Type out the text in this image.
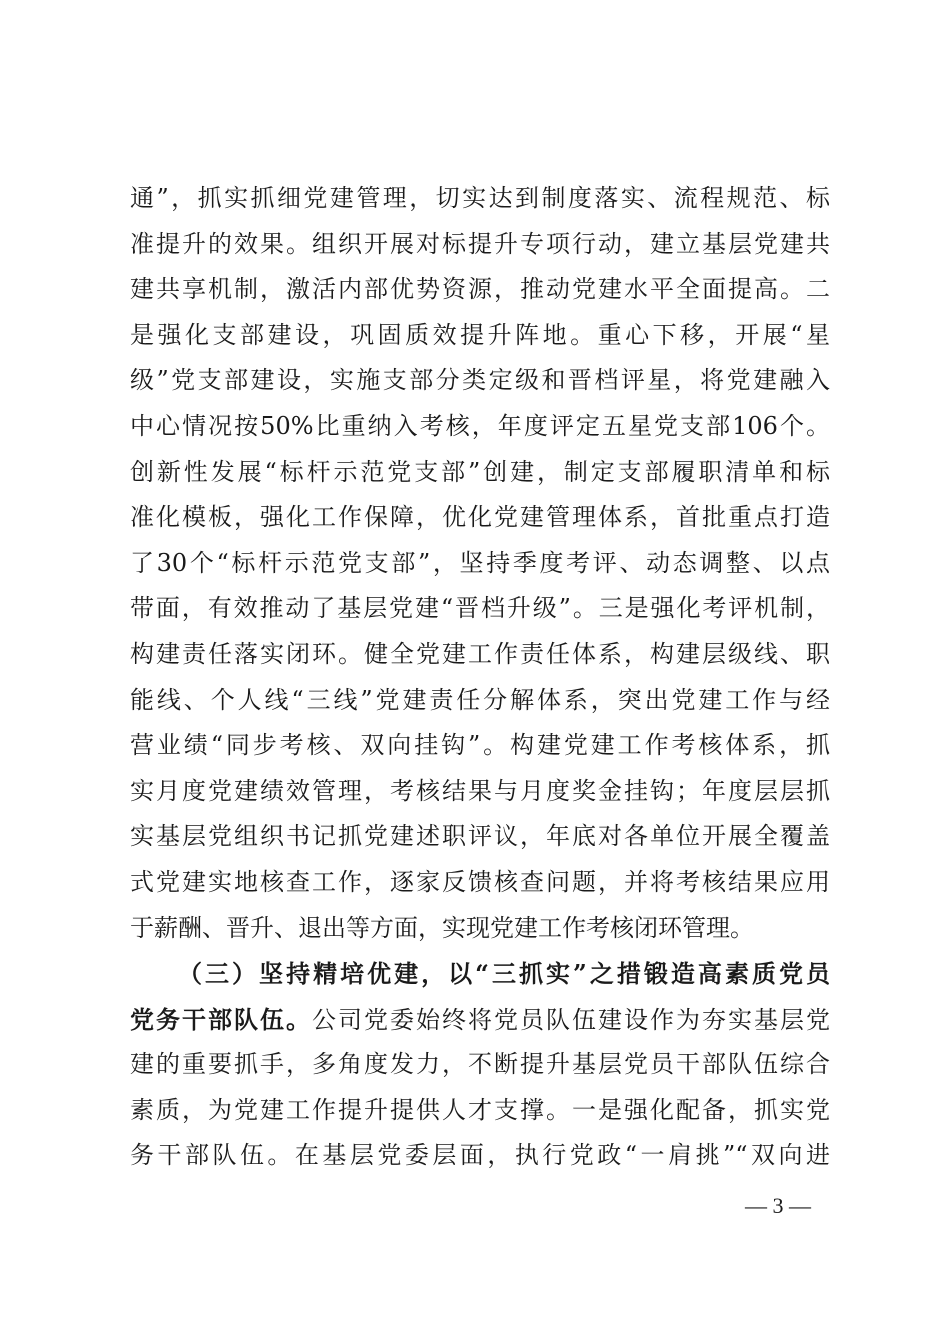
通”，抓实抓细党建管理，切实达到制度落实、流程规范、标
准提升的效果。组织开展对标提升专项行动，建立基层党建共
建共享机制，激活内部优势资源，推动党建水平全面提高。二
是强化支部建设，巩固质效提升阵地。重心下移，开展“星
级”党支部建设，实施支部分类定级和晋档评星，将党建融入
中心情况按50%比重纳入考核，年度评定五星党支部106个。
创新性发展“标杆示范党支部”创建，制定支部履职清单和标
准化模板，强化工作保障，优化党建管理体系，首批重点打造
了30个“标杆示范党支部”，坚持季度考评、动态调整、以点
带面，有效推动了基层党建“晋档升级”。三是强化考评机制，
构建责任落实闭环。健全党建工作责任体系，构建层级线、职
能线、个人线“三线”党建责任分解体系，突出党建工作与经
营业绩“同步考核、双向挂钩”。构建党建工作考核体系，抓
实月度党建绩效管理，考核结果与月度奖金挂钩；年度层层抓
实基层党组织书记抓党建述职评议，年底对各单位开展全覆盖
式党建实地核查工作，逐家反馈核查问题，并将考核结果应用
于薪酬、晋升、退出等方面，实现党建工作考核闭环管理。
（三）坚持精培优建，以“三抓实”之措锻造高素质党员
党务干部队伍。公司党委始终将党员队伍建设作为夯实基层党
建的重要抓手，多角度发力，不断提升基层党员干部队伍综合
素质，为党建工作提升提供人才支撑。一是强化配备，抓实党
务干部队伍。在基层党委层面，执行党政“一肩挑”“双向进
— 3 —
